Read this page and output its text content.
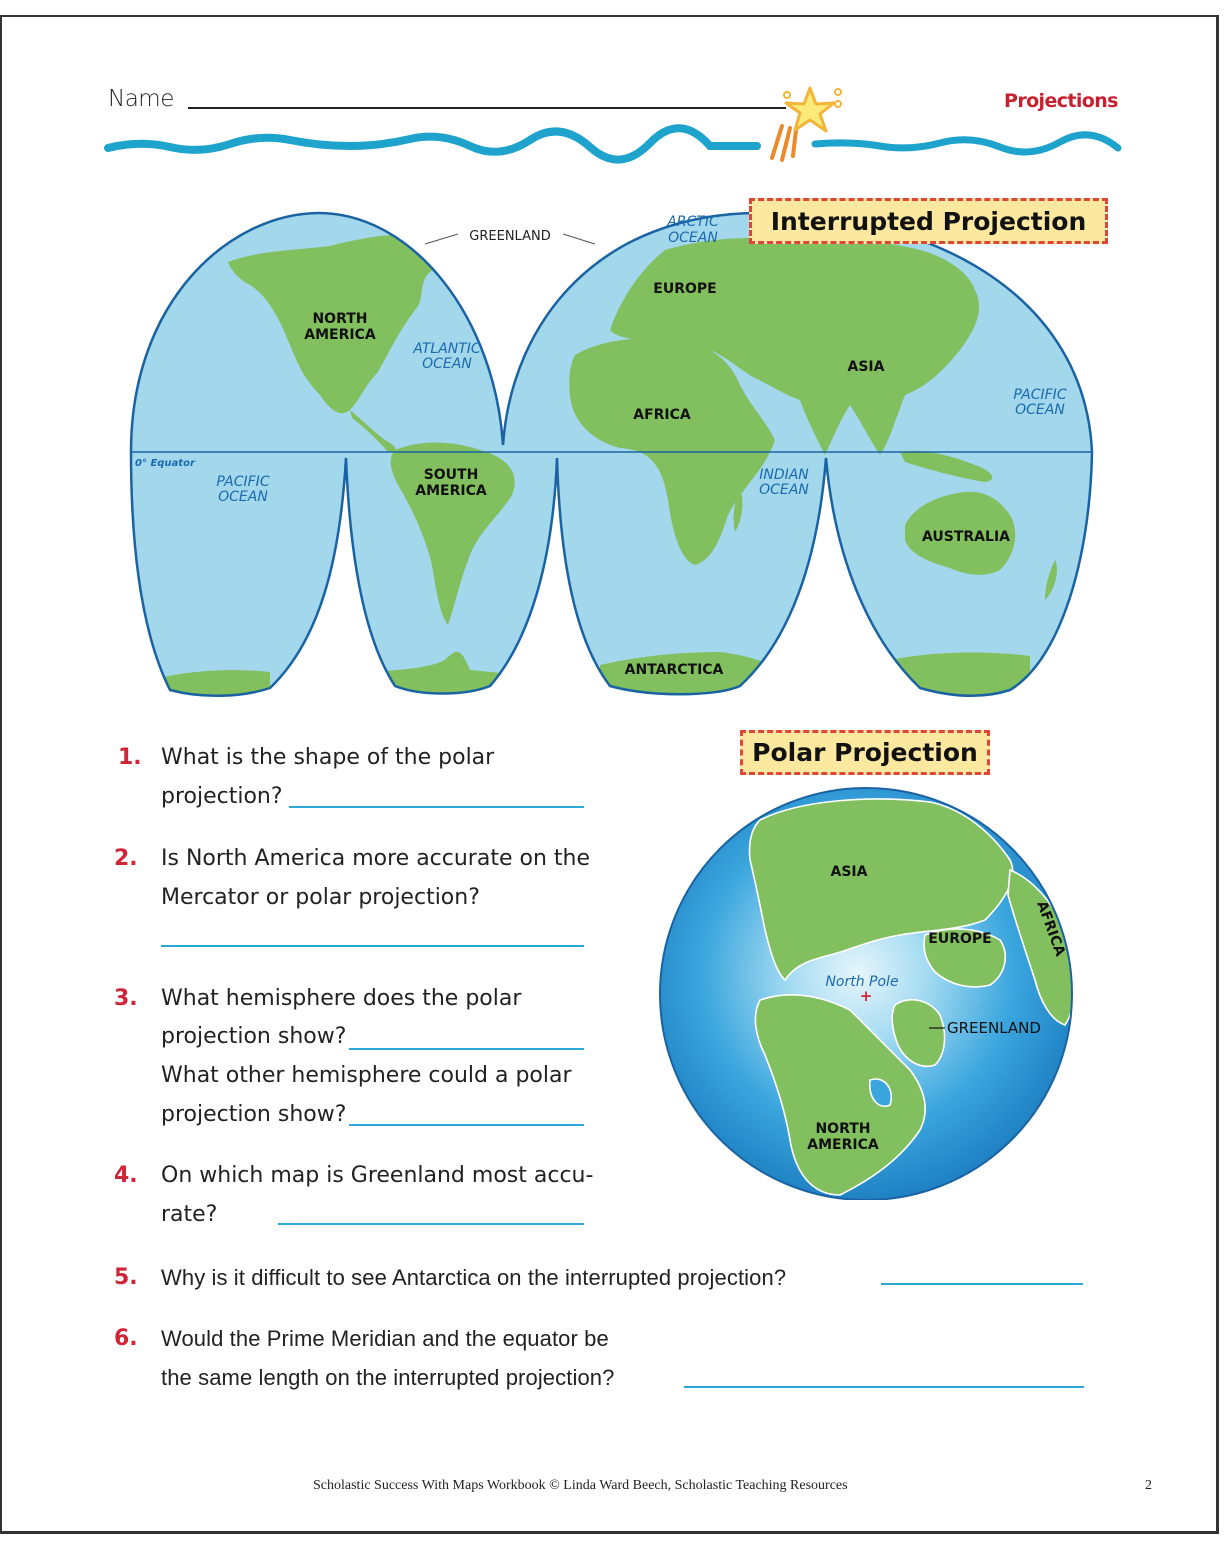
Name	Projections
GREENLAND
ARCTIC
OCEAN
NORTH
AMERICA
ATLANTIC
OCEAN
EUROPE
ASIA
AFRICA
PACIFIC
OCEAN
0° Equator
PACIFIC
OCEAN
SOUTH
AMERICA
INDIAN
OCEAN
AUSTRALIA
ANTARCTICA
Interrupted Projection
Polar Projection
ASIA
EUROPE	AFRICA
North Pole
+
GREENLAND
NORTH
AMERICA
1. What is the shape of the polar
projection?
2. Is North America more accurate on the
Mercator or polar projection?
3. What hemisphere does the polar
projection show?
What other hemisphere could a polar
projection show?
4. On which map is Greenland most accu-
rate?
5. Why is it difficult to see Antarctica on the interrupted projection?
6. Would the Prime Meridian and the equator be
the same length on the interrupted projection?
Scholastic Success With Maps Workbook © Linda Ward Beech, Scholastic Teaching Resources	2
